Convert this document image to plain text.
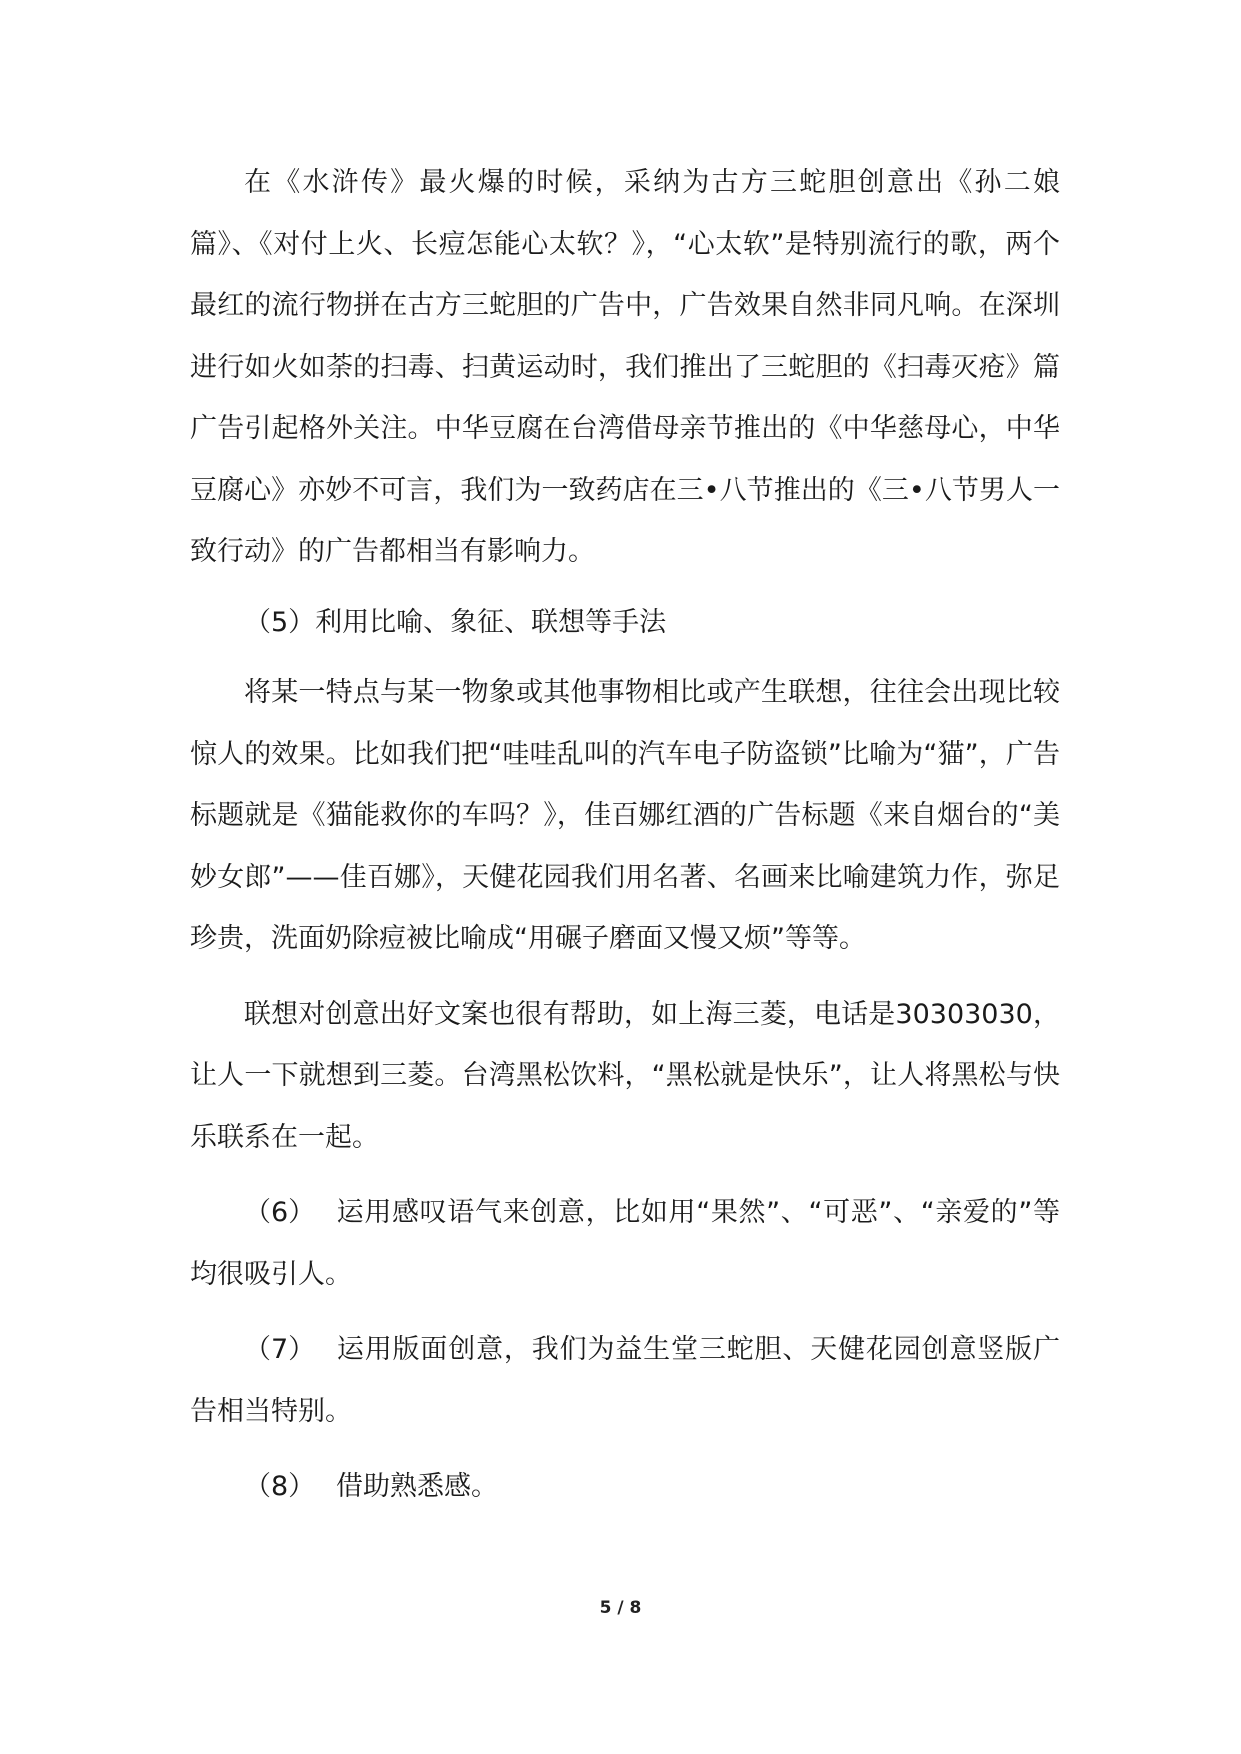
在《水浒传》最火爆的时候，采纳为古方三蛇胆创意出《孙二娘篇》、《对付上火、长痘怎能心太软？》，“心太软”是特别流行的歌，两个最红的流行物拼在古方三蛇胆的广告中，广告效果自然非同凡响。在深圳进行如火如荼的扫毒、扫黄运动时，我们推出了三蛇胆的《扫毒灭疮》篇广告引起格外关注。中华豆腐在台湾借母亲节推出的《中华慈母心，中华豆腐心》亦妙不可言，我们为一致药店在三•八节推出的《三•八节男人一致行动》的广告都相当有影响力。

（5）利用比喻、象征、联想等手法

将某一特点与某一物象或其他事物相比或产生联想，往往会出现比较惊人的效果。比如我们把“哇哇乱叫的汽车电子防盗锁”比喻为“猫”，广告标题就是《猫能救你的车吗？》，佳百娜红酒的广告标题《来自烟台的“美妙女郎”——佳百娜》，天健花园我们用名著、名画来比喻建筑力作，弥足珍贵，洗面奶除痘被比喻成“用碾子磨面又慢又烦”等等。

联想对创意出好文案也很有帮助，如上海三菱，电话是30303030，让人一下就想到三菱。台湾黑松饮料，“黑松就是快乐”，让人将黑松与快乐联系在一起。

（6） 运用感叹语气来创意，比如用“果然”、“可恶”、“亲爱的”等均很吸引人。

（7） 运用版面创意，我们为益生堂三蛇胆、天健花园创意竖版广告相当特别。

（8） 借助熟悉感。

5 / 8
